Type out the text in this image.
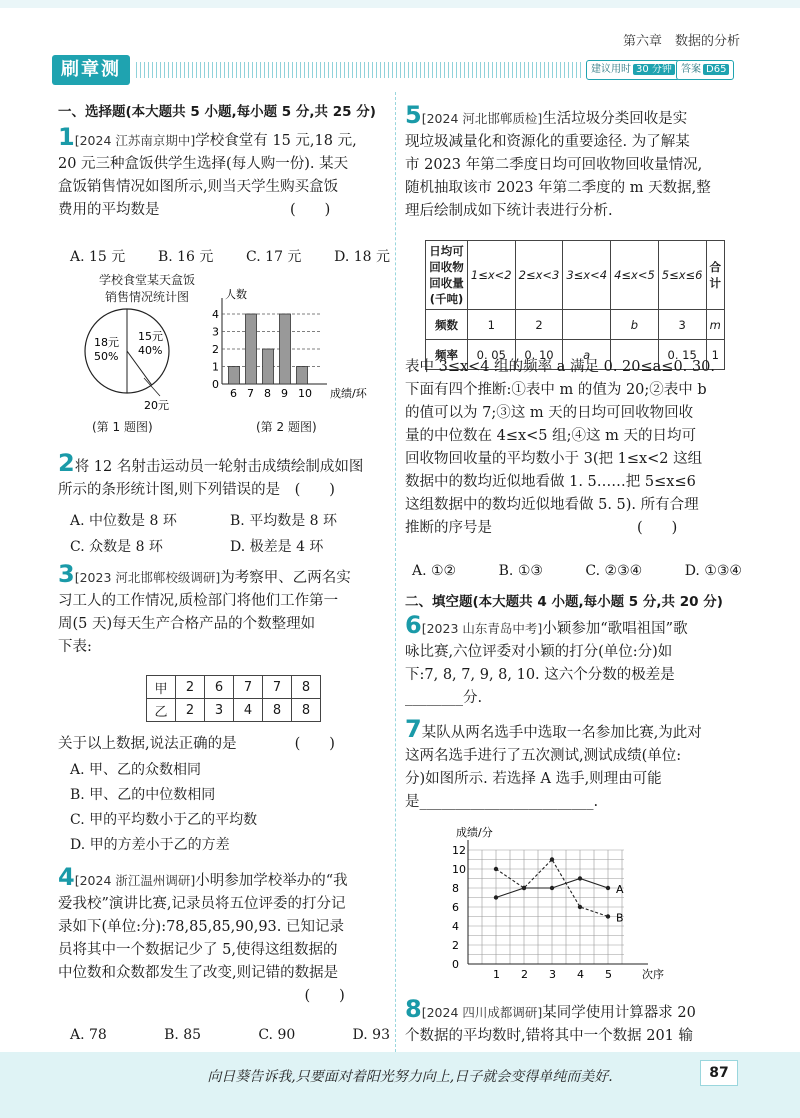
第六章　数据的分析
刷章测	建议用时 30 分钟 答案 D65
一、选择题(本大题共 5 小题,每小题 5 分,共 25 分)
1[2024 江苏南京期中]学校食堂有 15 元,18 元,
20 元三种盒饭供学生选择(每人购一份). 某天
盒饭销售情况如图所示,则当天学生购买盒饭
费用的平均数是　　　　　　　　　(　　)
A. 15 元 B. 16 元 C. 17 元 D. 18 元
学校食堂某天盒饭
销售情况统计图
18元
50%
15元
40%
20元
(第 1 题图)
人数
成绩/环
0
1
2
3
4
6 7 8 9 10
(第 2 题图)
2将 12 名射击运动员一轮射击成绩绘制成如图
所示的条形统计图,则下列错误的是　(　　)
A. 中位数是 8 环	B. 平均数是 8 环
C. 众数是 8 环	D. 极差是 4 环
3[2023 河北邯郸校级调研]为考察甲、乙两名实
习工人的工作情况,质检部门将他们工作第一
周(5 天)每天生产合格产品的个数整理如
下表:
甲	2	6	7	7	8
乙	2	3	4	8	8
关于以上数据,说法正确的是　　　　(　　)
A. 甲、乙的众数相同
B. 甲、乙的中位数相同
C. 甲的平均数小于乙的平均数
D. 甲的方差小于乙的方差
4[2024 浙江温州调研]小明参加学校举办的“我
爱我校”演讲比赛,记录员将五位评委的打分记
录如下(单位:分):78,85,85,90,93. 已知记录
员将其中一个数据记少了 5,使得这组数据的
中位数和众数都发生了改变,则记错的数据是
　　　　　　　　　　　　　　　　　(　　)
A. 78	B. 85	C. 90	D. 93
5[2024 河北邯郸质检]生活垃圾分类回收是实
现垃圾减量化和资源化的重要途径. 为了解某
市 2023 年第二季度日均可回收物回收量情况,
随机抽取该市 2023 年第二季度的 m 天数据,整
理后绘制成如下统计表进行分析.
日均可回收物回收量(千吨)	1≤x<2	2≤x<3	3≤x<4	4≤x<5	5≤x≤6	合计
频数	1	2		b	3	m
频率	0. 05	0. 10	a		0. 15	1
表中 3≤x<4 组的频率 a 满足 0. 20≤a≤0. 30.
下面有四个推断:①表中 m 的值为 20;②表中 b
的值可以为 7;③这 m 天的日均可回收物回收
量的中位数在 4≤x<5 组;④这 m 天的日均可
回收物回收量的平均数小于 3(把 1≤x<2 这组
数据中的数均近似地看做 1. 5……把 5≤x≤6
这组数据中的数均近似地看做 5. 5). 所有合理
推断的序号是　　　　　　　　　　(　　)
A. ①②	B. ①③	C. ②③④	D. ①③④
二、填空题(本大题共 4 小题,每小题 5 分,共 20 分)
6[2023 山东青岛中考]小颖参加“歌唱祖国”歌
咏比赛,六位评委对小颖的打分(单位:分)如
下:7, 8, 7, 9, 8, 10. 这六个分数的极差是
________分.
7某队从两名选手中选取一名参加比赛,为此对
这两名选手进行了五次测试,测试成绩(单位:
分)如图所示. 若选择 A 选手,则理由可能
是________________________.
成绩/分
次序
0
2
4
6
8
10
12
1 2 3 4 5
A
B
8[2024 四川成都调研]某同学使用计算器求 20
个数据的平均数时,错将其中一个数据 201 输
向日葵告诉我,只要面对着阳光努力向上,日子就会变得单纯而美好.	87
